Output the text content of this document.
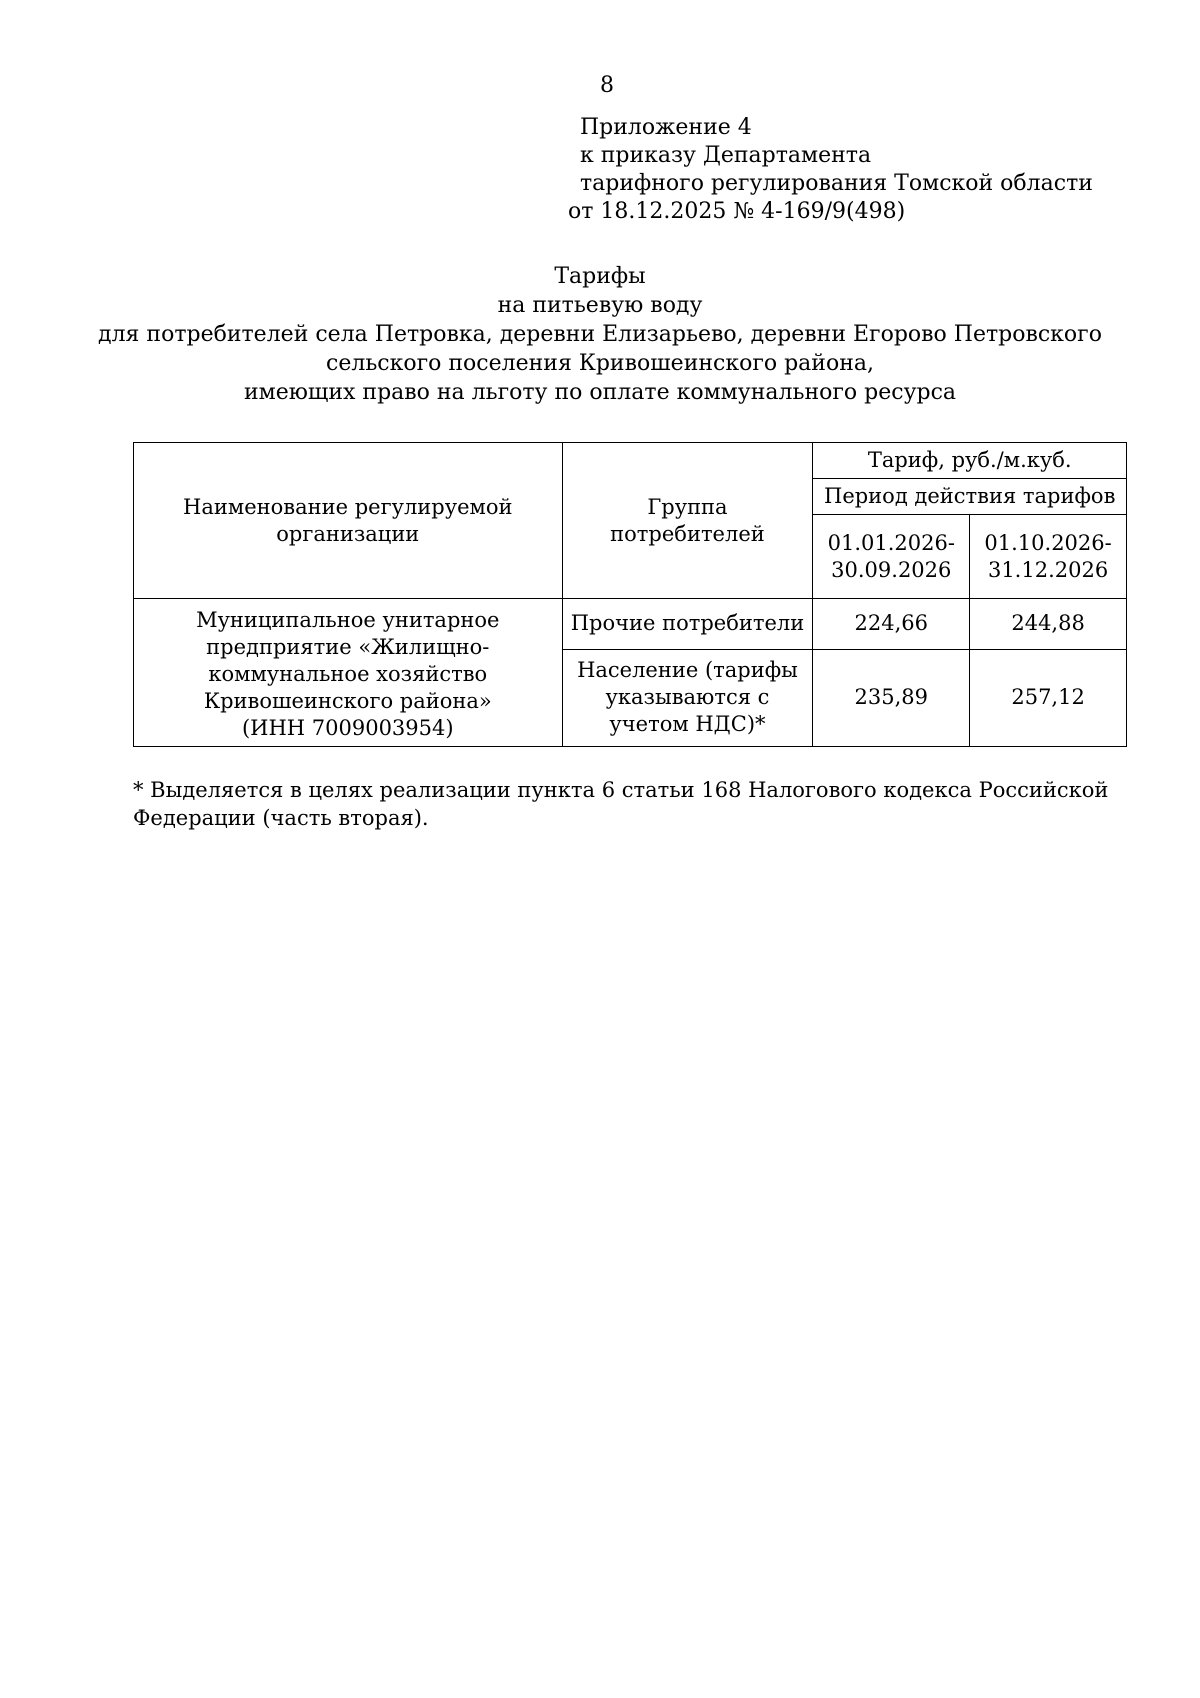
8
Приложение 4
к приказу Департамента
тарифного регулирования Томской области
от 18.12.2025 № 4-169/9(498)
Тарифы
на питьевую воду
для потребителей села Петровка, деревни Елизарьево, деревни Егорово Петровского
сельского поселения Кривошеинского района,
имеющих право на льготу по оплате коммунального ресурса
Наименование регулируемой организации	Группа потребителей	Тариф, руб./м.куб.	
		Период действия тарифов	
		01.01.2026-30.09.2026	01.10.2026-31.12.2026

Муниципальное унитарное
предприятие «Жилищно-
коммунальное хозяйство
Кривошеинского района»
(ИНН 7009003954)	Прочие потребители	224,66	244,88
	Население (тарифы указываются с учетом НДС)*	235,89	257,12
* Выделяется в целях реализации пункта 6 статьи 168 Налогового кодекса Российской Федерации (часть вторая).
